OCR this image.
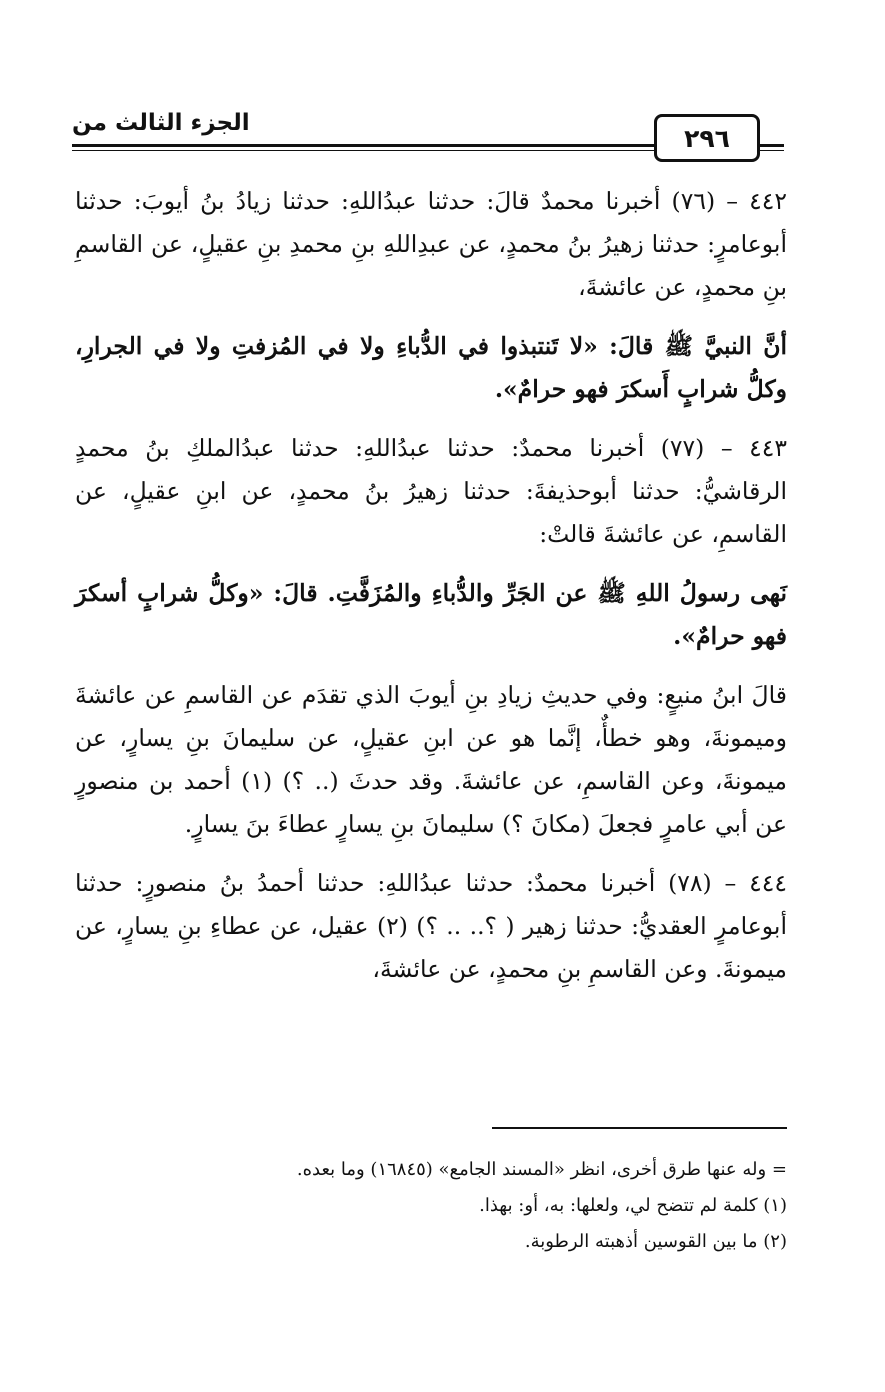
الجزء الثالث من
٢٩٦

٤٤٢ – (٧٦) أخبرنا محمدٌ قالَ: حدثنا عبدُاللهِ: حدثنا زيادُ بنُ أيوبَ: حدثنا أبوعامرٍ: حدثنا زهيرُ بنُ محمدٍ، عن عبدِاللهِ بنِ محمدِ بنِ عقيلٍ، عن القاسمِ بنِ محمدٍ، عن عائشةَ،

أنَّ النبيَّ ﷺ قالَ: «لا تَنتبذوا في الدُّباءِ ولا في المُزفتِ ولا في الجرارِ، وكلُّ شرابٍ أَسكرَ فهو حرامٌ».

٤٤٣ – (٧٧) أخبرنا محمدٌ: حدثنا عبدُاللهِ: حدثنا عبدُالملكِ بنُ محمدٍ الرقاشيُّ: حدثنا أبوحذيفةَ: حدثنا زهيرُ بنُ محمدٍ، عن ابنِ عقيلٍ، عن القاسمِ، عن عائشةَ قالتْ:

نَهى رسولُ اللهِ ﷺ عن الجَرِّ والدُّباءِ والمُزَفَّتِ. قالَ: «وكلُّ شرابٍ أسكرَ فهو حرامٌ».

قالَ ابنُ منيعٍ: وفي حديثِ زيادِ بنِ أيوبَ الذي تقدَم عن القاسمِ عن عائشةَ وميمونةَ، وهو خطأٌ، إنَّما هو عن ابنِ عقيلٍ، عن سليمانَ بنِ يسارٍ، عن ميمونةَ، وعن القاسمِ، عن عائشةَ. وقد حدثَ (.. ؟) (١) أحمد بن منصورٍ عن أبي عامرٍ فجعلَ (مكانَ ؟) سليمانَ بنِ يسارٍ عطاءَ بنَ يسارٍ.

٤٤٤ – (٧٨) أخبرنا محمدٌ: حدثنا عبدُاللهِ: حدثنا أحمدُ بنُ منصورٍ: حدثنا أبوعامرٍ العقديُّ: حدثنا زهير ( ؟.. .. ؟) (٢) عقيل، عن عطاءِ بنِ يسارٍ، عن ميمونةَ. وعن القاسمِ بنِ محمدٍ، عن عائشةَ،

= وله عنها طرق أخرى، انظر «المسند الجامع» (١٦٨٤٥) وما بعده.

(١) كلمة لم تتضح لي، ولعلها: به، أو: بهذا.

(٢) ما بين القوسين أذهبته الرطوبة.
